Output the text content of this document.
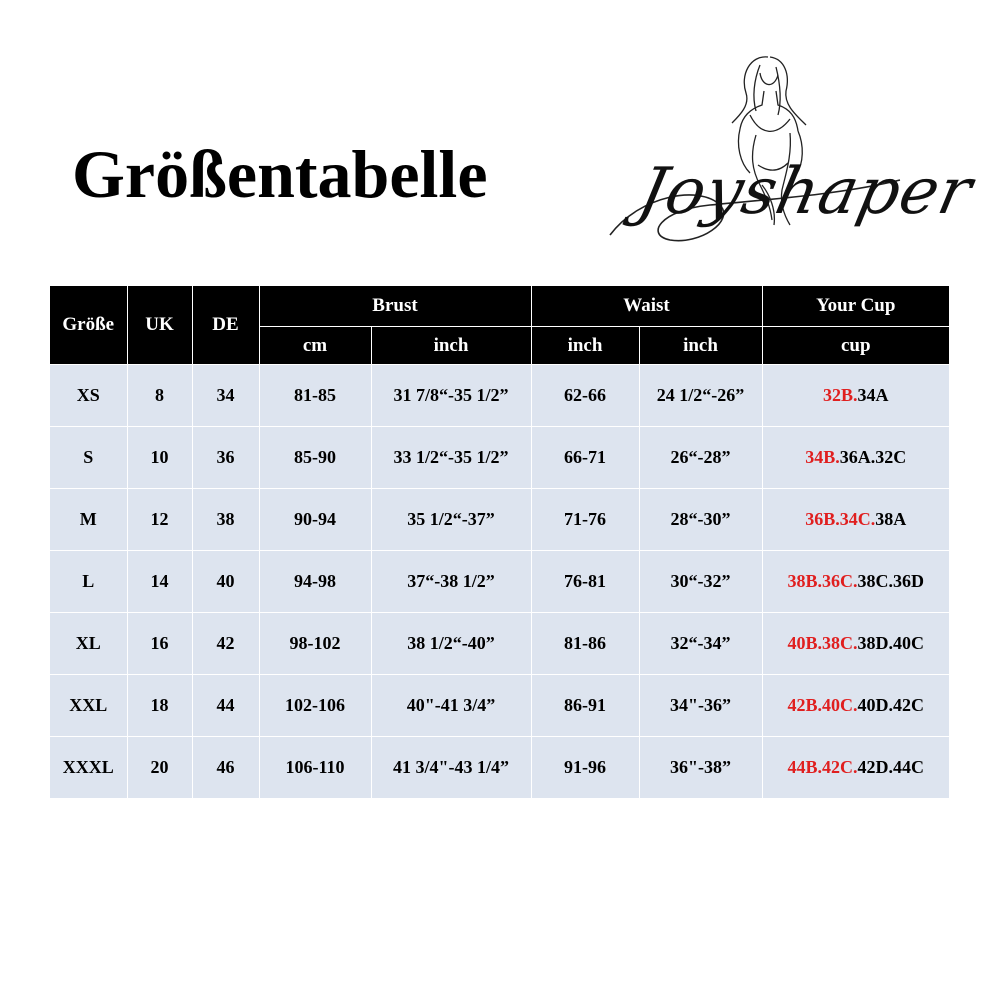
Größentabelle Joyshaper
Größe	UK	DE	Brust		Waist		Your Cup
			cm	inch	inch	inch	cup
XS	8	34	81-85	31 7/8“-35 1/2”	62-66	24 1/2“-26”	32B.34A
S	10	36	85-90	33 1/2“-35 1/2”	66-71	26“-28”	34B.36A.32C
M	12	38	90-94	35 1/2“-37”	71-76	28“-30”	36B.34C.38A
L	14	40	94-98	37“-38 1/2”	76-81	30“-32”	38B.36C.38C.36D
XL	16	42	98-102	38 1/2“-40”	81-86	32“-34”	40B.38C.38D.40C
XXL	18	44	102-106	40"-41 3/4”	86-91	34"-36”	42B.40C.40D.42C
XXXL	20	46	106-110	41 3/4"-43 1/4”	91-96	36"-38”	44B.42C.42D.44C
